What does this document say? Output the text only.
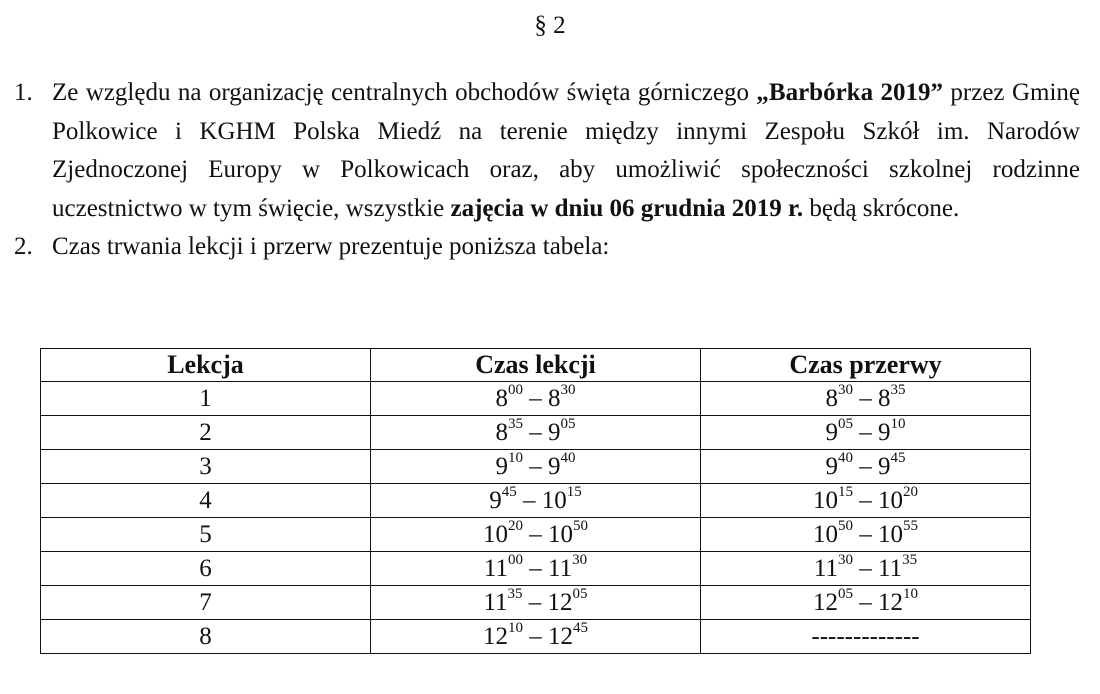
§ 2
1. Ze względu na organizację centralnych obchodów święta górniczego „Barbórka 2019” przez Gminę Polkowice i KGHM Polska Miedź na terenie między innymi Zespołu Szkół im. Narodów Zjednoczonej Europy w Polkowicach oraz, aby umożliwić społeczności szkolnej rodzinne uczestnictwo w tym święcie, wszystkie zajęcia w dniu 06 grudnia 2019 r. będą skrócone.
2. Czas trwania lekcji i przerw prezentuje poniższa tabela:
Lekcja	Czas lekcji	Czas przerwy
1	$8^{00} - 8^{30}$	$8^{30} - 8^{35}$
2	$8^{35} - 9^{05}$	$9^{05} - 9^{10}$
3	$9^{10} - 9^{40}$	$9^{40} - 9^{45}$
4	$9^{45} - 10^{15}$	$10^{15} - 10^{20}$
5	$10^{20} - 10^{50}$	$10^{50} - 10^{55}$
6	$11^{00} - 11^{30}$	$11^{30} - 11^{35}$
7	$11^{35} - 12^{05}$	$12^{05} - 12^{10}$
8	$12^{10} - 12^{45}$	-------------
